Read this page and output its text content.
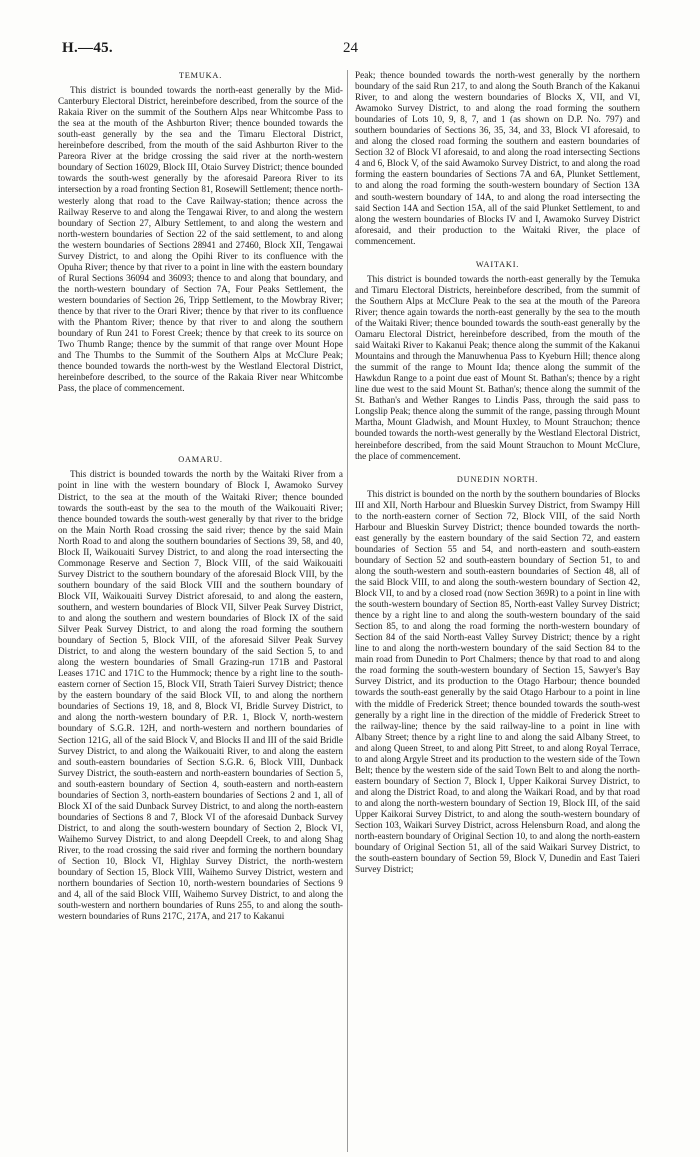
H.—45.	24
TEMUKA.

This district is bounded towards the north-east generally by the Mid-Canterbury Electoral District, hereinbefore described, from the source of the Rakaia River on the summit of the Southern Alps near Whitcombe Pass to the sea at the mouth of the Ashburton River; thence bounded towards the south-east generally by the sea and the Timaru Electoral District, hereinbefore described, from the mouth of the said Ashburton River to the Pareora River at the bridge crossing the said river at the north-western boundary of Section 16029, Block III, Otaio Survey District; thence bounded towards the south-west generally by the aforesaid Pareora River to its intersection by a road fronting Section 81, Rosewill Settlement; thence north-westerly along that road to the Cave Railway-station; thence across the Railway Reserve to and along the Tengawai River, to and along the western boundary of Section 27, Albury Settlement, to and along the western and north-western boundaries of Section 22 of the said settlement, to and along the western boundaries of Sections 28941 and 27460, Block XII, Tengawai Survey District, to and along the Opihi River to its confluence with the Opuha River; thence by that river to a point in line with the eastern boundary of Rural Sections 36094 and 36093; thence to and along that boundary, and the north-western boundary of Section 7A, Four Peaks Settlement, the western boundaries of Section 26, Tripp Settlement, to the Mowbray River; thence by that river to the Orari River; thence by that river to its confluence with the Phantom River; thence by that river to and along the southern boundary of Run 241 to Forest Creek; thence by that creek to its source on Two Thumb Range; thence by the summit of that range over Mount Hope and The Thumbs to the Summit of the Southern Alps at McClure Peak; thence bounded towards the north-west by the Westland Electoral District, hereinbefore described, to the source of the Rakaia River near Whitcombe Pass, the place of commencement.

OAMARU.

This district is bounded towards the north by the Waitaki River from a point in line with the western boundary of Block I, Awamoko Survey District, to the sea at the mouth of the Waitaki River; thence bounded towards the south-east by the sea to the mouth of the Waikouaiti River; thence bounded towards the south-west generally by that river to the bridge on the Main North Road crossing the said river; thence by the said Main North Road to and along the southern boundaries of Sections 39, 58, and 40, Block II, Waikouaiti Survey District, to and along the road intersecting the Commonage Reserve and Section 7, Block VIII, of the said Waikouaiti Survey District to the southern boundary of the aforesaid Block VIII, by the southern boundary of the said Block VIII and the southern boundary of Block VII, Waikouaiti Survey District aforesaid, to and along the eastern, southern, and western boundaries of Block VII, Silver Peak Survey District, to and along the southern and western boundaries of Block IX of the said Silver Peak Survey District, to and along the road forming the southern boundary of Section 5, Block VIII, of the aforesaid Silver Peak Survey District, to and along the western boundary of the said Section 5, to and along the western boundaries of Small Grazing-run 171B and Pastoral Leases 171C and 171C to the Hummock; thence by a right line to the south-eastern corner of Section 15, Block VII, Strath Taieri Survey District; thence by the eastern boundary of the said Block VII, to and along the northern boundaries of Sections 19, 18, and 8, Block VI, Bridle Survey District, to and along the north-western boundary of P.R. 1, Block V, north-western boundary of S.G.R. 12H, and north-western and northern boundaries of Section 121G, all of the said Block V, and Blocks II and III of the said Bridle Survey District, to and along the Waikouaiti River, to and along the eastern and south-eastern boundaries of Section S.G.R. 6, Block VIII, Dunback Survey District, the south-eastern and north-eastern boundaries of Section 5, and south-eastern boundary of Section 4, south-eastern and north-eastern boundaries of Section 3, north-eastern boundaries of Sections 2 and 1, all of Block XI of the said Dunback Survey District, to and along the north-eastern boundaries of Sections 8 and 7, Block VI of the aforesaid Dunback Survey District, to and along the south-western boundary of Section 2, Block VI, Waihemo Survey District, to and along Deepdell Creek, to and along Shag River, to the road crossing the said river and forming the northern boundary of Section 10, Block VI, Highlay Survey District, the north-western boundary of Section 15, Block VIII, Waihemo Survey District, western and northern boundaries of Section 10, north-western boundaries of Sections 9 and 4, all of the said Block VIII, Waihemo Survey District, to and along the south-western and northern boundaries of Runs 255, to and along the south-western boundaries of Runs 217C, 217A, and 217 to Kakanui

Peak; thence bounded towards the north-west generally by the northern boundary of the said Run 217, to and along the South Branch of the Kakanui River, to and along the western boundaries of Blocks X, VII, and VI, Awamoko Survey District, to and along the road forming the southern boundaries of Lots 10, 9, 8, 7, and 1 (as shown on D.P. No. 797) and southern boundaries of Sections 36, 35, 34, and 33, Block VI aforesaid, to and along the closed road forming the southern and eastern boundaries of Section 32 of Block VI aforesaid, to and along the road intersecting Sections 4 and 6, Block V, of the said Awamoko Survey District, to and along the road forming the eastern boundaries of Sections 7A and 6A, Plunket Settlement, to and along the road forming the south-western boundary of Section 13A and south-western boundary of 14A, to and along the road intersecting the said Section 14A and Section 15A, all of the said Plunket Settlement, to and along the western boundaries of Blocks IV and I, Awamoko Survey District aforesaid, and their production to the Waitaki River, the place of commencement.

WAITAKI.

This district is bounded towards the north-east generally by the Temuka and Timaru Electoral Districts, hereinbefore described, from the summit of the Southern Alps at McClure Peak to the sea at the mouth of the Pareora River; thence again towards the north-east generally by the sea to the mouth of the Waitaki River; thence bounded towards the south-east generally by the Oamaru Electoral District, hereinbefore described, from the mouth of the said Waitaki River to Kakanui Peak; thence along the summit of the Kakanui Mountains and through the Manuwhenua Pass to Kyeburn Hill; thence along the summit of the range to Mount Ida; thence along the summit of the Hawkdun Range to a point due east of Mount St. Bathan's; thence by a right line due west to the said Mount St. Bathan's; thence along the summit of the St. Bathan's and Wether Ranges to Lindis Pass, through the said pass to Longslip Peak; thence along the summit of the range, passing through Mount Martha, Mount Gladwish, and Mount Huxley, to Mount Strauchon; thence bounded towards the north-west generally by the Westland Electoral District, hereinbefore described, from the said Mount Strauchon to Mount McClure, the place of commencement.

DUNEDIN NORTH.

This district is bounded on the north by the southern boundaries of Blocks III and XII, North Harbour and Blueskin Survey District, from Swampy Hill to the north-eastern corner of Section 72, Block VIII, of the said North Harbour and Blueskin Survey District; thence bounded towards the north-east generally by the eastern boundary of the said Section 72, and eastern boundaries of Section 55 and 54, and north-eastern and south-eastern boundary of Section 52 and south-eastern boundary of Section 51, to and along the south-western and south-eastern boundaries of Section 48, all of the said Block VIII, to and along the south-western boundary of Section 42, Block VII, to and by a closed road (now Section 369R) to a point in line with the south-western boundary of Section 85, North-east Valley Survey District; thence by a right line to and along the south-western boundary of the said Section 85, to and along the road forming the north-western boundary of Section 84 of the said North-east Valley Survey District; thence by a right line to and along the north-western boundary of the said Section 84 to the main road from Dunedin to Port Chalmers; thence by that road to and along the road forming the south-western boundary of Section 15, Sawyer's Bay Survey District, and its production to the Otago Harbour; thence bounded towards the south-east generally by the said Otago Harbour to a point in line with the middle of Frederick Street; thence bounded towards the south-west generally by a right line in the direction of the middle of Frederick Street to the railway-line; thence by the said railway-line to a point in line with Albany Street; thence by a right line to and along the said Albany Street, to and along Queen Street, to and along Pitt Street, to and along Royal Terrace, to and along Argyle Street and its production to the western side of the Town Belt; thence by the western side of the said Town Belt to and along the north-eastern boundary of Section 7, Block I, Upper Kaikorai Survey District, to and along the District Road, to and along the Waikari Road, and by that road to and along the north-western boundary of Section 19, Block III, of the said Upper Kaikorai Survey District, to and along the south-western boundary of Section 103, Waikari Survey District, across Helensburn Road, and along the north-eastern boundary of Original Section 10, to and along the north-eastern boundary of Original Section 51, all of the said Waikari Survey District, to the south-eastern boundary of Section 59, Block V, Dunedin and East Taieri Survey District;
